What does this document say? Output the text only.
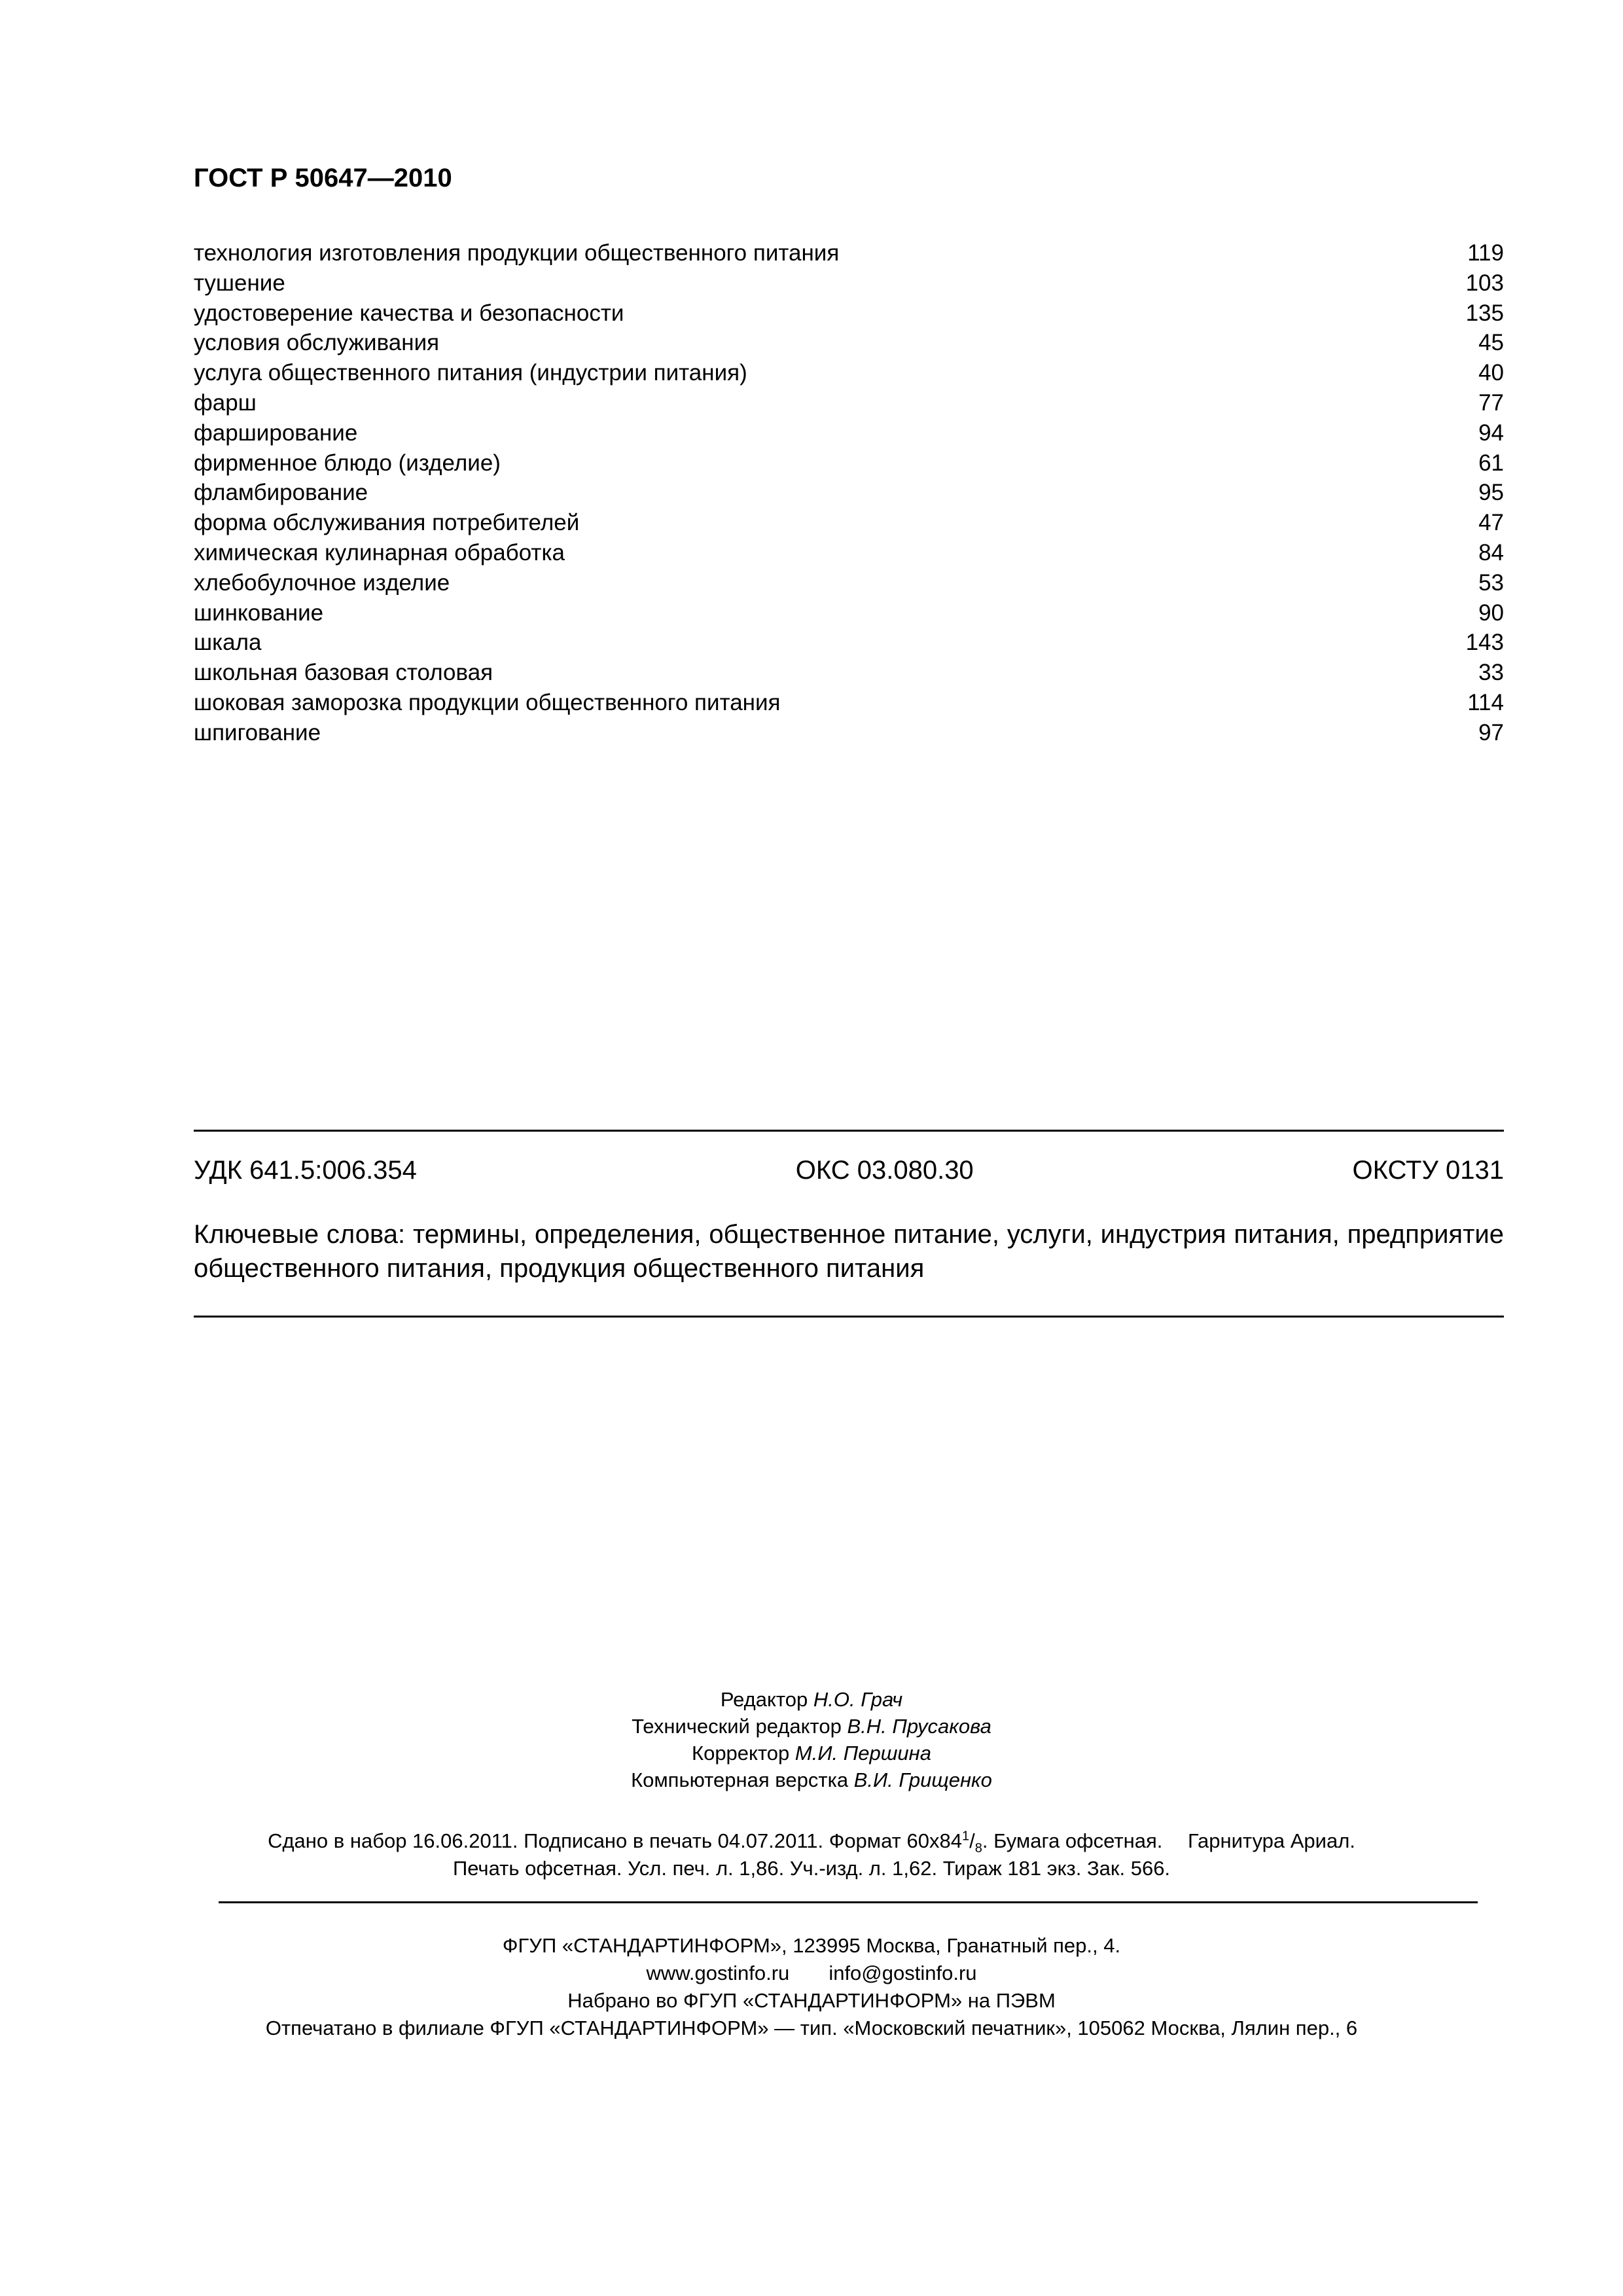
ГОСТ Р 50647—2010
технология изготовления продукции общественного питания	119
тушение	103
удостоверение качества и безопасности	135
условия обслуживания	45
услуга общественного питания (индустрии питания)	40
фарш	77
фарширование	94
фирменное блюдо (изделие)	61
фламбирование	95
форма обслуживания потребителей	47
химическая кулинарная обработка	84
хлебобулочное изделие	53
шинкование	90
шкала	143
школьная базовая столовая	33
шоковая заморозка продукции общественного питания	114
шпигование	97
УДК 641.5:006.354	ОКС 03.080.30	ОКСТУ 0131
Ключевые слова: термины, определения, общественное питание, услуги, индустрия питания, предприятие общественного питания, продукция общественного питания
Редактор Н.О. Грач
Технический редактор В.Н. Прусакова
Корректор М.И. Першина
Компьютерная верстка В.И. Грищенко
Сдано в набор 16.06.2011. Подписано в печать 04.07.2011. Формат $60х84^1/_8$. Бумага офсетная. Гарнитура Ариал.
Печать офсетная. Усл. печ. л. 1,86. Уч.-изд. л. 1,62. Тираж 181 экз. Зак. 566.
ФГУП «СТАНДАРТИНФОРМ», 123995 Москва, Гранатный пер., 4.
www.gostinfo.ru info@gostinfo.ru
Набрано во ФГУП «СТАНДАРТИНФОРМ» на ПЭВМ
Отпечатано в филиале ФГУП «СТАНДАРТИНФОРМ» — тип. «Московский печатник», 105062 Москва, Лялин пер., 6
